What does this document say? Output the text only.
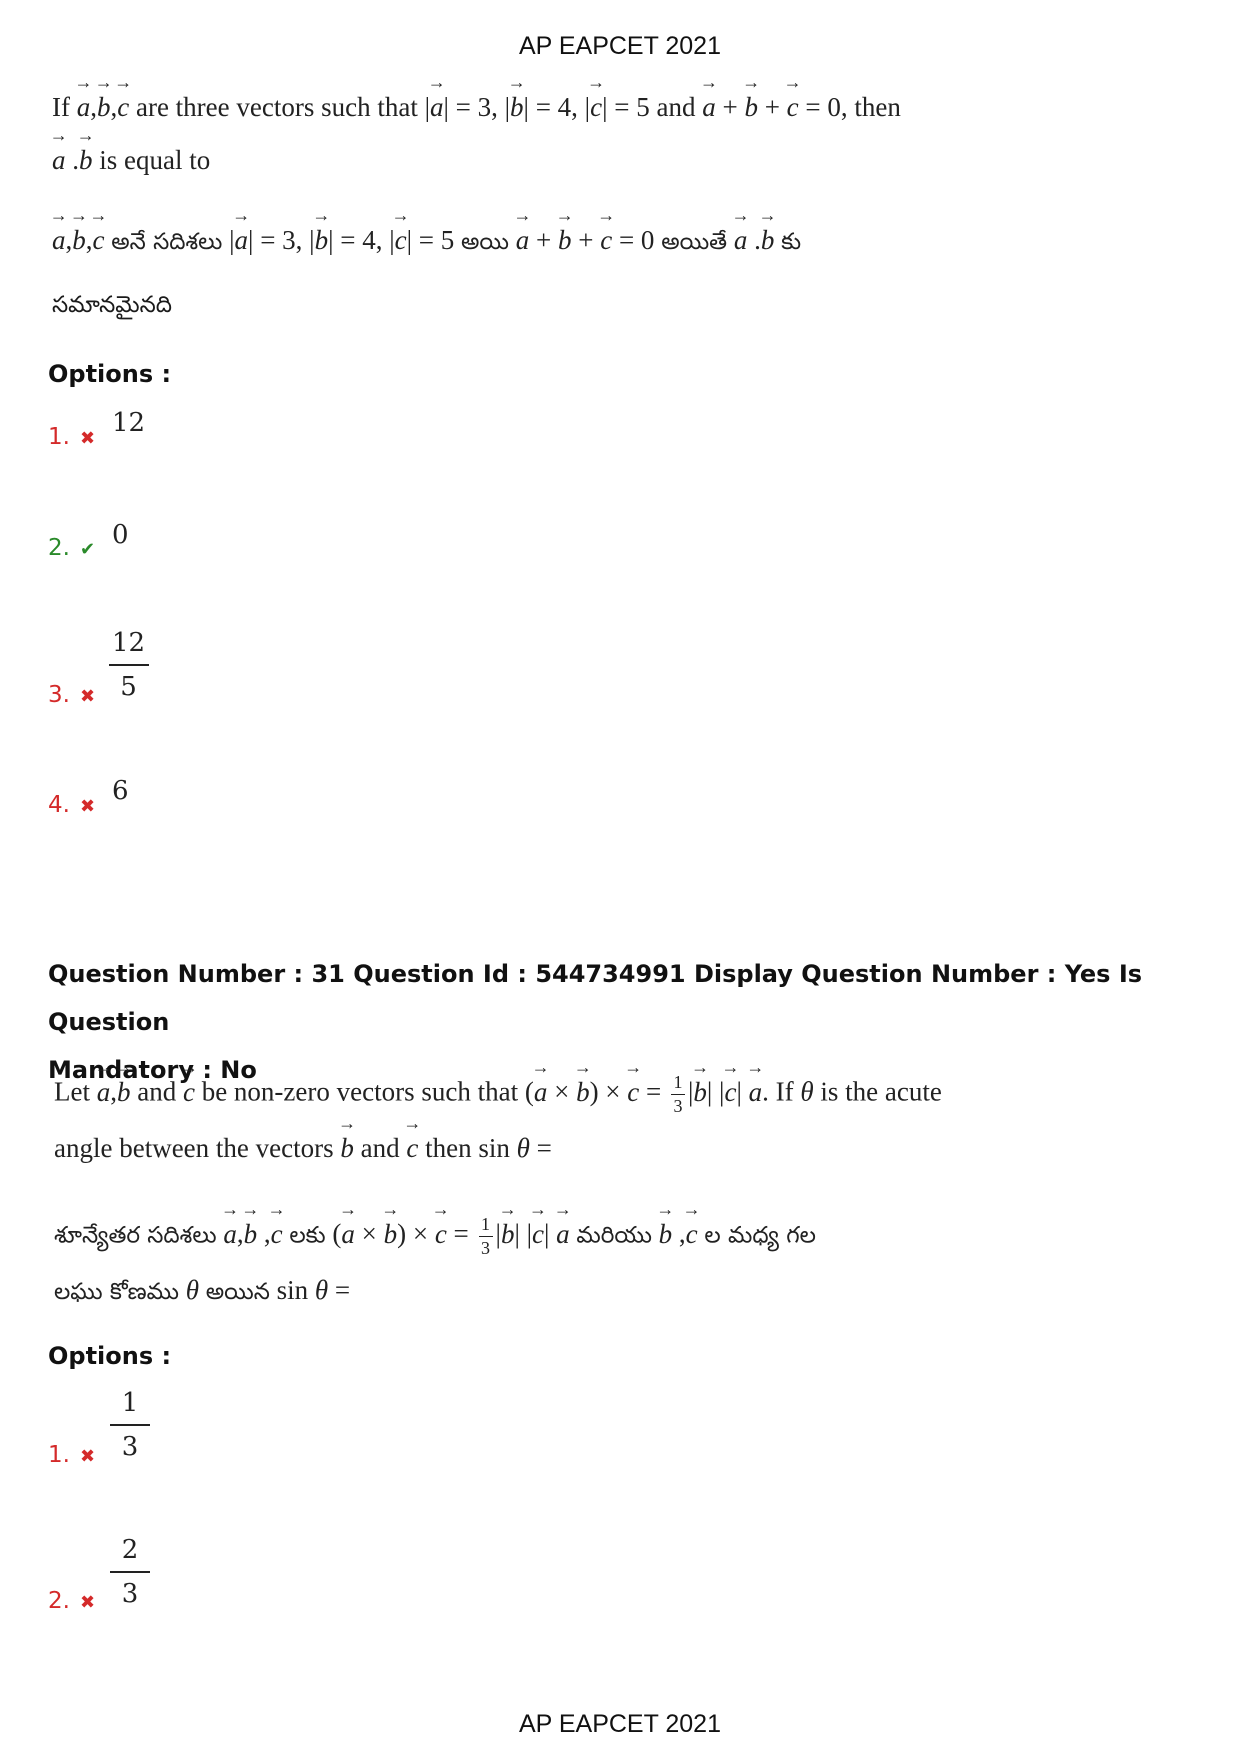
AP EAPCET 2021
If → a,→ b,→ c are three vectors such that |→ a| = 3, |→ b| = 4, |→ c| = 5 and → a + → b + → c = 0, then
→ a .→ b is equal to
→ a,→ b,→ c అనే సదిశలు |→ a| = 3, |→ b| = 4, |→ c| = 5 అయి → a + → b + → c = 0 అయితే → a .→ b కు
సమానమైనది
Options :
1. ✖
12
2. ✔ 0
3. ✖
12
5
4. ✖
6
Question Number : 31 Question Id : 544734991 Display Question Number : Yes Is Question
Mandatory : No
Let → a,→ b and → c be non-zero vectors such that (→ a × → b) × → $c = \frac{1}{3}$ |→ b| |→ c| → a. If θ is the acute
angle between the vectors → b and → c then sin θ =
శూన్యేతర సదిశలు → a,→ b ,→ c లకు (→ a × → b) × → $c = \frac{1}{3}$ |→ b| |→ c| → a మరియు → b ,→ c ల మధ్య గల
లఘు కోణము θ అయిన sin θ =
Options :
1. ✖
1
3
2. ✖
2
3
AP EAPCET 2021
